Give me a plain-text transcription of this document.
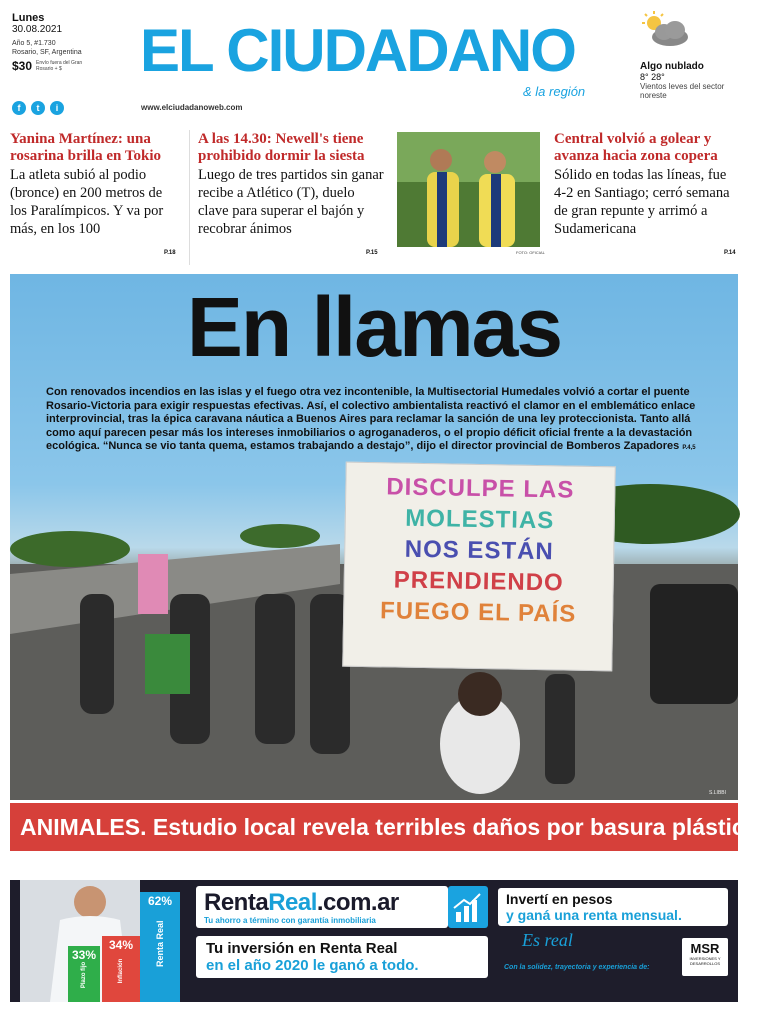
Lunes
30.08.2021
Año 5, #1.730
Rosario, SF, Argentina
$30 Envío fuera del Gran Rosario + $
f	t	i
EL CIUDADANO
& la región
www.elciudadanoweb.com
Algo nublado
8° 28°
Vientos leves del sector noreste
Yanina Martínez: una rosarina brilla en Tokio
La atleta subió al podio (bronce) en 200 metros de los Paralímpicos. Y va por más, en los 100
P.18
A las 14.30: Newell's tiene prohibido dormir la siesta
Luego de tres partidos sin ganar recibe a Atlético (T), duelo clave para superar el bajón y recobrar ánimos
P.15	FOTO: OFICIAL
Central volvió a golear y avanza hacia zona copera
Sólido en todas las líneas, fue 4-2 en Santiago; cerró semana de gran repunte y arrimó a Sudamericana
P.14
En llamas

Con renovados incendios en las islas y el fuego otra vez incontenible, la Multisectorial Humedales volvió a cortar el puente Rosario-Victoria para exigir respuestas efectivas. Así, el colectivo ambientalista reactivó el clamor en el emblemático enlace interprovincial, tras la épica caravana náutica a Buenos Aires para reclamar la sanción de una ley proteccionista. Tanto allá como aquí parecen pesar más los intereses inmobiliarios o agroganaderos, o el propio déficit oficial frente a la devastación ecológica. “Nunca se vio tanta quema, estamos trabajando a destajo”, dijo el director provincial de Bomberos Zapadores P.4,5

DISCULPE LAS
MOLESTIAS
NOS ESTÁN
PRENDIENDO
FUEGO EL PAÍS
S.LIBBI
ANIMALES. Estudio local revela terribles daños por basura plástica P.16
33%
Plazo fijo
34%
Inflación
62%
Renta Real
RentaReal.com.ar
Tu ahorro a término con garantía inmobiliaria
Tu inversión en Renta Real
en el año 2020 le ganó a todo.
Invertí en pesos
y ganá una renta mensual.
Es real
Con la solidez, trayectoria y experiencia de:
MSR
INVERSIONES Y DESARROLLOS
